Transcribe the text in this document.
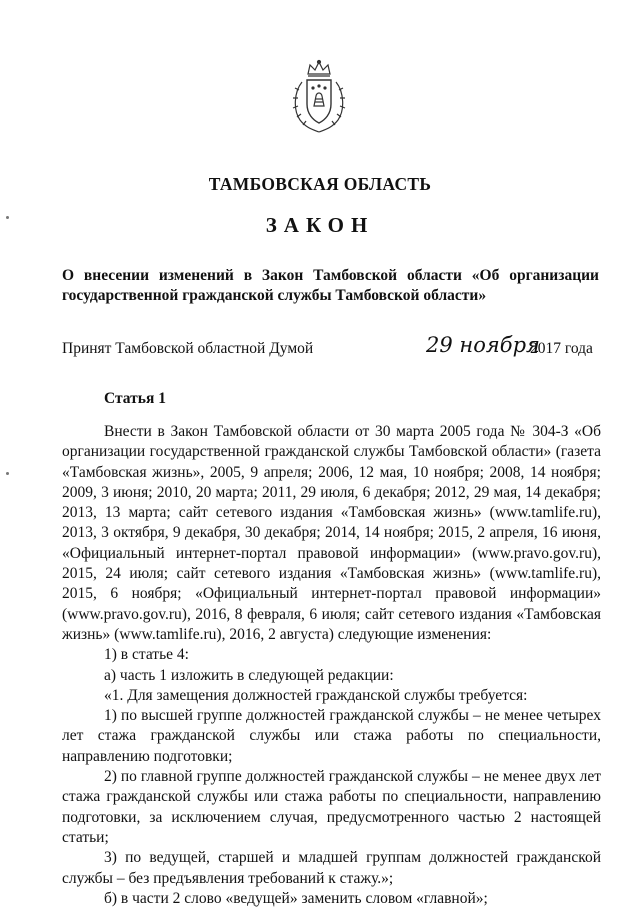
ТАМБОВСКАЯ ОБЛАСТЬ
ЗАКОН
О внесении изменений в Закон Тамбовской области «Об организации государственной гражданской службы Тамбовской области»
Принят Тамбовской областной Думой	29 ноября
2017 года
Статья 1

Внести в Закон Тамбовской области от 30 марта 2005 года № 304-З «Об организации государственной гражданской службы Тамбовской области» (газета «Тамбовская жизнь», 2005, 9 апреля; 2006, 12 мая, 10 ноября; 2008, 14 ноября; 2009, 3 июня; 2010, 20 марта; 2011, 29 июля, 6 декабря; 2012, 29 мая, 14 декабря; 2013, 13 марта; сайт сетевого издания «Тамбовская жизнь» (www.tamlife.ru), 2013, 3 октября, 9 декабря, 30 декабря; 2014, 14 ноября; 2015, 2 апреля, 16 июня, «Официальный интернет-портал правовой информации» (www.pravo.gov.ru), 2015, 24 июля; сайт сетевого издания «Тамбовская жизнь» (www.tamlife.ru), 2015, 6 ноября; «Официальный интернет-портал правовой информации» (www.pravo.gov.ru), 2016, 8 февраля, 6 июля; сайт сетевого издания «Тамбовская жизнь» (www.tamlife.ru), 2016, 2 августа) следующие изменения:

1) в статье 4:

а) часть 1 изложить в следующей редакции:

«1. Для замещения должностей гражданской службы требуется:

1) по высшей группе должностей гражданской службы – не менее четырех лет стажа гражданской службы или стажа работы по специальности, направлению подготовки;

2) по главной группе должностей гражданской службы – не менее двух лет стажа гражданской службы или стажа работы по специальности, направлению подготовки, за исключением случая, предусмотренного частью 2 настоящей статьи;

3) по ведущей, старшей и младшей группам должностей гражданской службы – без предъявления требований к стажу.»;

б) в части 2 слово «ведущей» заменить словом «главной»;
